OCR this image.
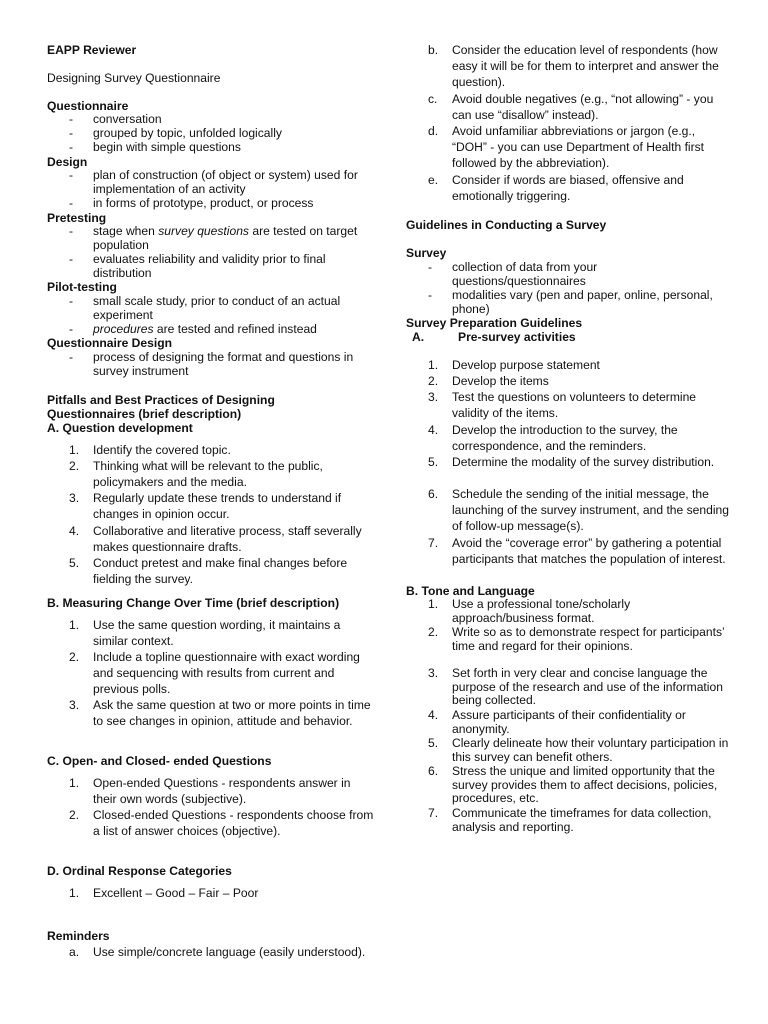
EAPP Reviewer
Designing Survey Questionnaire
Questionnaire
- conversation
- grouped by topic, unfolded logically
- begin with simple questions
Design
- plan of construction (of object or system) used for implementation of an activity
- in forms of prototype, product, or process
Pretesting
- stage when survey questions are tested on target population
- evaluates reliability and validity prior to final distribution
Pilot-testing
- small scale study, prior to conduct of an actual experiment
- procedures are tested and refined instead
Questionnaire Design
- process of designing the format and questions in survey instrument
Pitfalls and Best Practices of Designing
Questionnaires (brief description)
A. Question development
1. Identify the covered topic.
2. Thinking what will be relevant to the public, policymakers and the media.
3. Regularly update these trends to understand if changes in opinion occur.
4. Collaborative and literative process, staff severally makes questionnaire drafts.
5. Conduct pretest and make final changes before fielding the survey.
B. Measuring Change Over Time (brief description)
1. Use the same question wording, it maintains a similar context.
2. Include a topline questionnaire with exact wording and sequencing with results from current and previous polls.
3. Ask the same question at two or more points in time to see changes in opinion, attitude and behavior.
C. Open- and Closed- ended Questions
1. Open-ended Questions - respondents answer in their own words (subjective).
2. Closed-ended Questions - respondents choose from a list of answer choices (objective).
D. Ordinal Response Categories
1. Excellent – Good – Fair – Poor
Reminders
a. Use simple/concrete language (easily understood).
b. Consider the education level of respondents (how easy it will be for them to interpret and answer the question).
c. Avoid double negatives (e.g., “not allowing” - you can use “disallow” instead).
d. Avoid unfamiliar abbreviations or jargon (e.g., “DOH” - you can use Department of Health first followed by the abbreviation).
e. Consider if words are biased, offensive and emotionally triggering.
Guidelines in Conducting a Survey
Survey
- collection of data from your questions/questionnaires
- modalities vary (pen and paper, online, personal, phone)
Survey Preparation Guidelines
A.	Pre-survey activities
1. Develop purpose statement
2. Develop the items
3. Test the questions on volunteers to determine validity of the items.
4. Develop the introduction to the survey, the correspondence, and the reminders.
5. Determine the modality of the survey distribution.
6. Schedule the sending of the initial message, the launching of the survey instrument, and the sending of follow-up message(s).
7. Avoid the “coverage error” by gathering a potential participants that matches the population of interest.
B. Tone and Language
1. Use a professional tone/scholarly approach/business format.
2. Write so as to demonstrate respect for participants’ time and regard for their opinions.
3. Set forth in very clear and concise language the purpose of the research and use of the information being collected.
4. Assure participants of their confidentiality or anonymity.
5. Clearly delineate how their voluntary participation in this survey can benefit others.
6. Stress the unique and limited opportunity that the survey provides them to affect decisions, policies, procedures, etc.
7. Communicate the timeframes for data collection, analysis and reporting.
